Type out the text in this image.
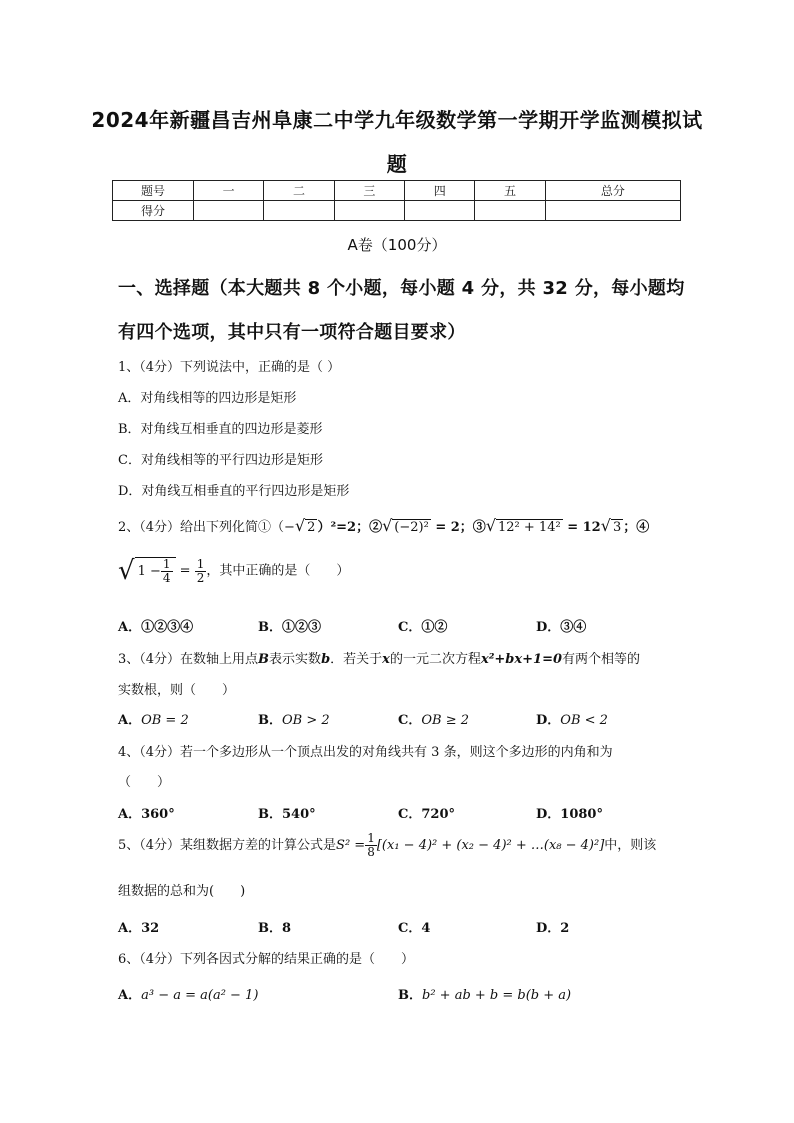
2024年新疆昌吉州阜康二中学九年级数学第一学期开学监测模拟试
题
题号	一	二	三	四	五	总分
得分						
A卷（100分）
一、选择题（本大题共 8 个小题，每小题 4 分，共 32 分，每小题均
有四个选项，其中只有一项符合题目要求）
1、（4分）下列说法中，正确的是（ ）
A．对角线相等的四边形是矩形
B．对角线互相垂直的四边形是菱形
C．对角线相等的平行四边形是矩形
D．对角线互相垂直的平行四边形是矩形
2、（4分）给出下列化简①（−√ 2 ）²=2；②√ (−2)² = 2；③√ 12² + 14² = 12√ 3 ；④
√ $1 - \frac{1}{4} = \frac{1}{2}$ ，其中正确的是（　　）
A．①②③④	B．①②③	C．①②	D．③④
3、（4分）在数轴上用点B表示实数b．若关于x的一元二次方程x²+bx+1=0有两个相等的
实数根，则（　　）
A．OB = 2	B．OB > 2	C．OB ≥ 2	D．OB < 2
4、（4分）若一个多边形从一个顶点出发的对角线共有 3 条，则这个多边形的内角和为
（　　）
A．360°	B．540°	C．720°	D．1080°
5、（4分）某组数据方差的计算公式是$S^2 = \frac{1}{8} [(x_1 - 4)^2 + (x_2 - 4)^2$ + …(x₈ − 4)²]中，则该
组数据的总和为(　　)
A．32	B．8	C．4	D．2
6、（4分）下列各因式分解的结果正确的是（　　）
A．a³ − a = a(a² − 1)	B．b² + ab + b = b(b + a)
